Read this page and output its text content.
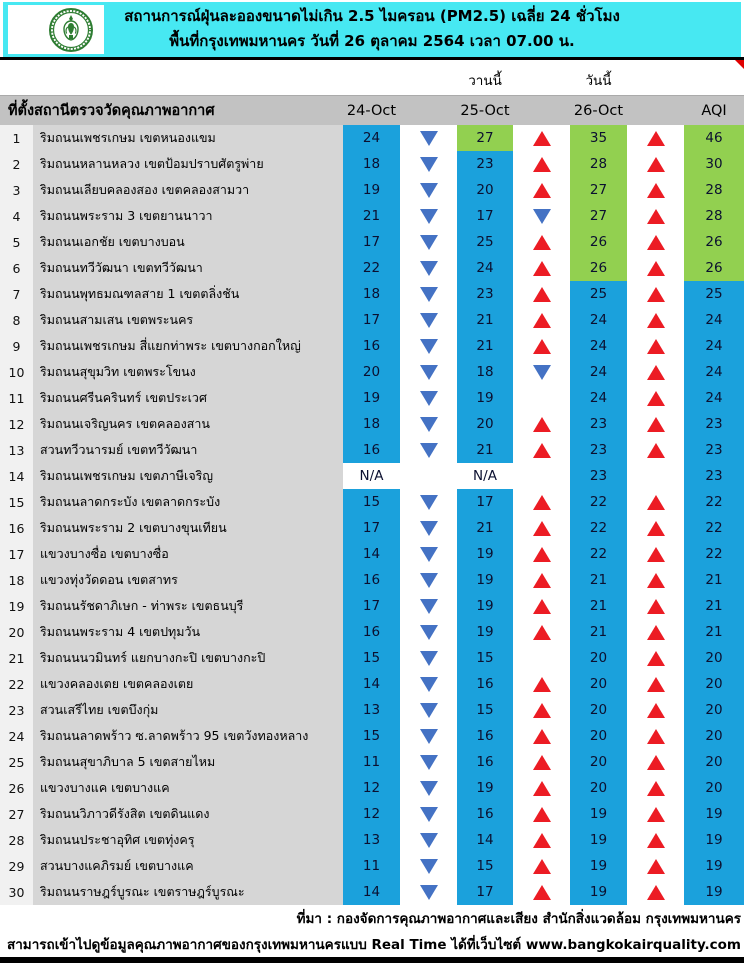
สถานการณ์ฝุ่นละอองขนาดไม่เกิน 2.5 ไมครอน (PM2.5) เฉลี่ย 24 ชั่วโมง
พื้นที่กรุงเทพมหานคร วันที่ 26 ตุลาคม 2564 เวลา 07.00 น.
วานนี้	วันนี้
ที่ตั้งสถานีตรวจวัดคุณภาพอากาศ	24-Oct	25-Oct	26-Oct	AQI
1	ริมถนนเพชรเกษม เขตหนองแขม	24	27	35	46
2	ริมถนนหลานหลวง เขตป้อมปราบศัตรูพ่าย	18	23	28	30
3	ริมถนนเลียบคลองสอง เขตคลองสามวา	19	20	27	28
4	ริมถนนพระราม 3 เขตยานนาวา	21	17	27	28
5	ริมถนนเอกชัย เขตบางบอน	17	25	26	26
6	ริมถนนทวีวัฒนา เขตทวีวัฒนา	22	24	26	26
7	ริมถนนพุทธมณฑลสาย 1 เขตตลิ่งชัน	18	23	25	25
8	ริมถนนสามเสน เขตพระนคร	17	21	24	24
9	ริมถนนเพชรเกษม สี่แยกท่าพระ เขตบางกอกใหญ่	16	21	24	24
10	ริมถนนสุขุมวิท เขตพระโขนง	20	18	24	24
11	ริมถนนศรีนครินทร์ เขตประเวศ	19	19	24	24
12	ริมถนนเจริญนคร เขตคลองสาน	18	20	23	23
13	สวนทวีวนารมย์ เขตทวีวัฒนา	16	21	23	23
14	ริมถนนเพชรเกษม เขตภาษีเจริญ	N/A	N/A	23	23
15	ริมถนนลาดกระบัง เขตลาดกระบัง	15	17	22	22
16	ริมถนนพระราม 2 เขตบางขุนเทียน	17	21	22	22
17	แขวงบางซื่อ เขตบางซื่อ	14	19	22	22
18	แขวงทุ่งวัดดอน เขตสาทร	16	19	21	21
19	ริมถนนรัชดาภิเษก - ท่าพระ เขตธนบุรี	17	19	21	21
20	ริมถนนพระราม 4 เขตปทุมวัน	16	19	21	21
21	ริมถนนนวมินทร์ แยกบางกะปิ เขตบางกะปิ	15	15	20	20
22	แขวงคลองเตย เขตคลองเตย	14	16	20	20
23	สวนเสรีไทย เขตบึงกุ่ม	13	15	20	20
24	ริมถนนลาดพร้าว ซ.ลาดพร้าว 95 เขตวังทองหลาง	15	16	20	20
25	ริมถนนสุขาภิบาล 5 เขตสายไหม	11	16	20	20
26	แขวงบางแค เขตบางแค	12	19	20	20
27	ริมถนนวิภาวดีรังสิต เขตดินแดง	12	16	19	19
28	ริมถนนประชาอุทิศ เขตทุ่งครุ	13	14	19	19
29	สวนบางแคภิรมย์ เขตบางแค	11	15	19	19
30	ริมถนนราษฎร์บูรณะ เขตราษฎร์บูรณะ	14	17	19	19
ที่มา : กองจัดการคุณภาพอากาศและเสียง สำนักสิ่งแวดล้อม กรุงเทพมหานคร
สามารถเข้าไปดูข้อมูลคุณภาพอากาศของกรุงเทพมหานครแบบ Real Time ได้ที่เว็บไซต์ www.bangkokairquality.com
